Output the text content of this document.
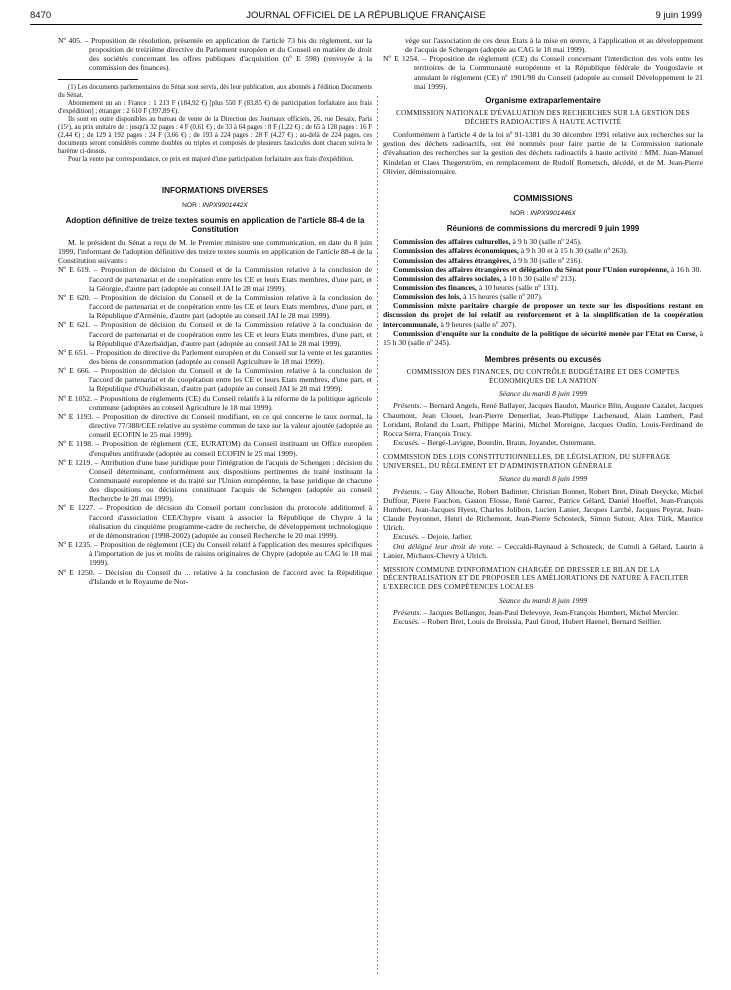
8470	JOURNAL OFFICIEL DE LA RÉPUBLIQUE FRANÇAISE	9 juin 1999

Nº 405. – Proposition de résolution, présentée en application de l'article 73 bis du règlement, sur la proposition de treizième directive du Parlement européen et du Conseil en matière de droit des sociétés concernant les offres publiques d'acquisition (nº E 598) (renvoyée à la commission des finances).

(1) Les documents parlementaires du Sénat sont servis, dès leur publication, aux abonnés à l'édition Documents du Sénat.

Abonnement un an : France : 1 213 F (184,92 €) [plus 550 F (83,85 €) de participation forfaitaire aux frais d'expédition] ; étranger : 2 610 F (397,89 €).

Ils sont en outre disponibles au bureau de vente de la Direction des Journaux officiels, 26, rue Desaix, Paris (15ᵉ), au prix unitaire de : jusqu'à 32 pages : 4 F (0,61 €) ; de 33 à 64 pages : 8 F (1,22 €) ; de 65 à 128 pages : 16 F (2,44 €) ; de 129 à 192 pages : 24 F (3,66 €) ; de 193 à 224 pages : 28 F (4,27 €) ; au-delà de 224 pages, ces documents seront considérés comme doubles ou triples et composés de plusieurs fascicules dont chacun suivra le barème ci-dessus.

Pour la vente par correspondance, ce prix est majoré d'une participation forfaitaire aux frais d'expédition.

INFORMATIONS DIVERSES
NOR : INPX9901442X
Adoption définitive de treize textes soumis en application de l'article 88-4 de la Constitution

M. le président du Sénat a reçu de M. le Premier ministre une communication, en date du 8 juin 1999, l'informant de l'adoption définitive des treize textes soumis en application de l'article 88-4 de la Constitution suivants :

Nº E 619. – Proposition de décision du Conseil et de la Commission relative à la conclusion de l'accord de partenariat et de coopération entre les CE et leurs Etats membres, d'une part, et la Géorgie, d'autre part (adoptée au conseil JAI le 28 mai 1999).

Nº E 620. – Proposition de décision du Conseil et de la Commission relative à la conclusion de l'accord de partenariat et de coopération entre les CE et leurs Etats membres, d'une part, et la République d'Arménie, d'autre part (adoptée au conseil JAI le 28 mai 1999).

Nº E 621. – Proposition de décision du Conseil et de la Commission relative à la conclusion de l'accord de partenariat et de coopération entre les CE et leurs Etats membres, d'une part, et la République d'Azerbaïdjan, d'autre part (adoptée au conseil JAI le 28 mai 1999).

Nº E 651. – Proposition de directive du Parlement européen et du Conseil sur la vente et les garanties des biens de consommation (adoptée au conseil Agriculture le 18 mai 1999).

Nº E 666. – Proposition de décision du Conseil et de la Commission relative à la conclusion de l'accord de partenariat et de coopération entre les CE et leurs Etats membres, d'une part, et la République d'Ouzbékistan, d'autre part (adoptée au conseil JAI le 28 mai 1999).

Nº E 1052. – Propositions de règlements (CE) du Conseil relatifs à la réforme de la politique agricole commune (adoptées au conseil Agriculture le 18 mai 1999).

Nº E 1193. – Proposition de directive du Conseil modifiant, en ce qui concerne le taux normal, la directive 77/388/CEE relative au système commun de taxe sur la valeur ajoutée (adoptée au conseil ECOFIN le 25 mai 1999).

Nº E 1198. – Proposition de règlement (CE, EURATOM) du Conseil instituant un Office européen d'enquêtes antifraude (adoptée au conseil ECOFIN le 25 mai 1999).

Nº E 1219. – Attribution d'une base juridique pour l'intégration de l'acquis de Schengen : décision du Conseil déterminant, conformément aux dispositions pertinentes du traité instituant la Communauté européenne et du traité sur l'Union européenne, la base juridique de chacune des dispositions ou décisions constituant l'acquis de Schengen (adoptée au conseil Recherche le 20 mai 1999).

Nº E 1227. – Proposition de décision du Conseil portant conclusion du protocole additionnel à l'accord d'association CEE/Chypre visant à associer la République de Chypre à la réalisation du cinquième programme-cadre de recherche, de développement technologique et de démonstration (1998-2002) (adoptée au conseil Recherche le 20 mai 1999).

Nº E 1235. – Proposition de règlement (CE) du Conseil relatif à l'application des mesures spécifiques à l'importation de jus et moûts de raisins originaires de Chypre (adoptée au CAG le 18 mai 1999).

Nº E 1250. – Décision du Conseil du ... relative à la conclusion de l'accord avec la République d'Islande et le Royaume de Nor-

vège sur l'association de ces deux Etats à la mise en œuvre, à l'application et au développement de l'acquis de Schengen (adoptée au CAG le 18 mai 1999).

Nº E 1254. – Proposition de règlement (CE) du Conseil concernant l'interdiction des vols entre les territoires de la Communauté européenne et la République fédérale de Yougoslavie et annulant le règlement (CE) nº 1901/98 du Conseil (adoptée au conseil Développement le 21 mai 1999).

Organisme extraparlementaire
COMMISSION NATIONALE D'ÉVALUATION DES RECHERCHES SUR LA GESTION DES DÉCHETS RADIOACTIFS À HAUTE ACTIVITÉ

Conformément à l'article 4 de la loi nº 91-1381 du 30 décembre 1991 relative aux recherches sur la gestion des déchets radioactifs, ont été nommés pour faire partie de la Commission nationale d'évaluation des recherches sur la gestion des déchets radioactifs à haute activité : MM. Juan-Manuel Kindelan et Claes Thegerström, en remplacement de Rudolf Rometsch, décédé, et de M. Jean-Pierre Olivier, démissionnaire.

COMMISSIONS
NOR : INPX9901446X
Réunions de commissions du mercredi 9 juin 1999

Commission des affaires culturelles, à 9 h 30 (salle nº 245).

Commission des affaires économiques, à 9 h 30 et à 15 h 30 (salle nº 263).

Commission des affaires étrangères, à 9 h 30 (salle nº 216).

Commission des affaires étrangères et délégation du Sénat pour l'Union européenne, à 16 h 30.

Commission des affaires sociales, à 10 h 30 (salle nº 213).

Commission des finances, à 10 heures (salle nº 131).

Commission des lois, à 15 heures (salle nº 207).

Commission mixte paritaire chargée de proposer un texte sur les dispositions restant en discussion du projet de loi relatif au renforcement et à la simplification de la coopération intercommunale, à 9 heures (salle nº 207).

Commission d'enquête sur la conduite de la politique de sécurité menée par l'Etat en Corse, à 15 h 30 (salle nº 245).

Membres présents ou excusés
COMMISSION DES FINANCES, DU CONTRÔLE BUDGÉTAIRE ET DES COMPTES ÉCONOMIQUES DE LA NATION
Séance du mardi 8 juin 1999

Présents. – Bernard Angels, René Ballayer, Jacques Baudot, Maurice Blin, Auguste Cazalet, Jacques Chaumont, Jean Clouet, Jean-Pierre Demerliat, Jean-Philippe Lachenaud, Alain Lambert, Paul Loridant, Roland du Luart, Philippe Marini, Michel Moreigne, Jacques Oudin, Louis-Ferdinand de Rocca Serra, François Trucy.

Excusés. – Bergé-Lavigne, Bourdin, Braun, Joyandet, Ostermann.

COMMISSION DES LOIS CONSTITUTIONNELLES, DE LÉGISLATION, DU SUFFRAGE UNIVERSEL, DU RÈGLEMENT ET D'ADMINISTRATION GÉNÉRALE
Séance du mardi 8 juin 1999

Présents. – Guy Allouche, Robert Badinter, Christian Bonnet, Robert Bret, Dinah Derycke, Michel Duffour, Pierre Fauchon, Gaston Flosse, René Garrec, Patrice Gélard, Daniel Hoeffel, Jean-François Humbert, Jean-Jacques Hyest, Charles Jolibois, Lucien Lanier, Jacques Larché, Jacques Peyrat, Jean-Claude Peyronnet, Henri de Richemont, Jean-Pierre Schosteck, Simon Sutour, Alex Türk, Maurice Ulrich.

Excusés. – Dejoie, Jarlier.

Ont délégué leur droit de vote. – Ceccaldi-Raynaud à Schosteck, de Cuttoli à Gélard, Laurin à Lanier, Michaux-Chevry à Ulrich.

MISSION COMMUNE D'INFORMATION CHARGÉE DE DRESSER LE BILAN DE LA DÉCENTRALISATION ET DE PROPOSER LES AMÉLIORATIONS DE NATURE À FACILITER L'EXERCICE DES COMPÉTENCES LOCALES
Séance du mardi 8 juin 1999

Présents. – Jacques Bellanger, Jean-Paul Delevoye, Jean-François Humbert, Michel Mercier.

Excusés. – Robert Bret, Louis de Broissia, Paul Girod, Hubert Haenel, Bernard Seillier.
